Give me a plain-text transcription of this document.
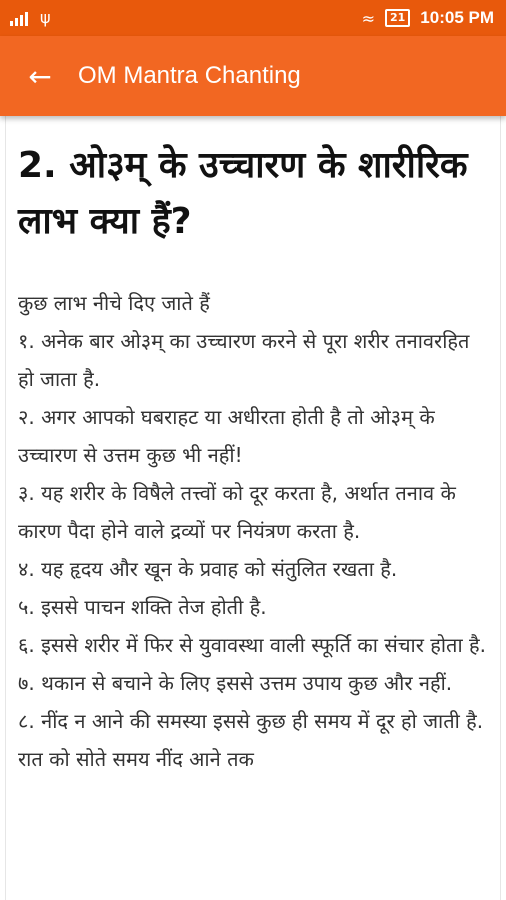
ψ	≈	21 10:05 PM
← OM Mantra Chanting
2. ओ३म् के उच्चारण के शारीरिक लाभ क्या हैं?

कुछ लाभ नीचे दिए जाते हैं

१. अनेक बार ओ३म् का उच्चारण करने से पूरा शरीर तनावरहित हो जाता है.

२. अगर आपको घबराहट या अधीरता होती है तो ओ३म् के उच्चारण से उत्तम कुछ भी नहीं!

३. यह शरीर के विषैले तत्त्वों को दूर करता है, अर्थात तनाव के कारण पैदा होने वाले द्रव्यों पर नियंत्रण करता है.

४. यह हृदय और खून के प्रवाह को संतुलित रखता है.

५. इससे पाचन शक्ति तेज होती है.

६. इससे शरीर में फिर से युवावस्था वाली स्फूर्ति का संचार होता है.

७. थकान से बचाने के लिए इससे उत्तम उपाय कुछ और नहीं.

८. नींद न आने की समस्या इससे कुछ ही समय में दूर हो जाती है. रात को सोते समय नींद आने तक
